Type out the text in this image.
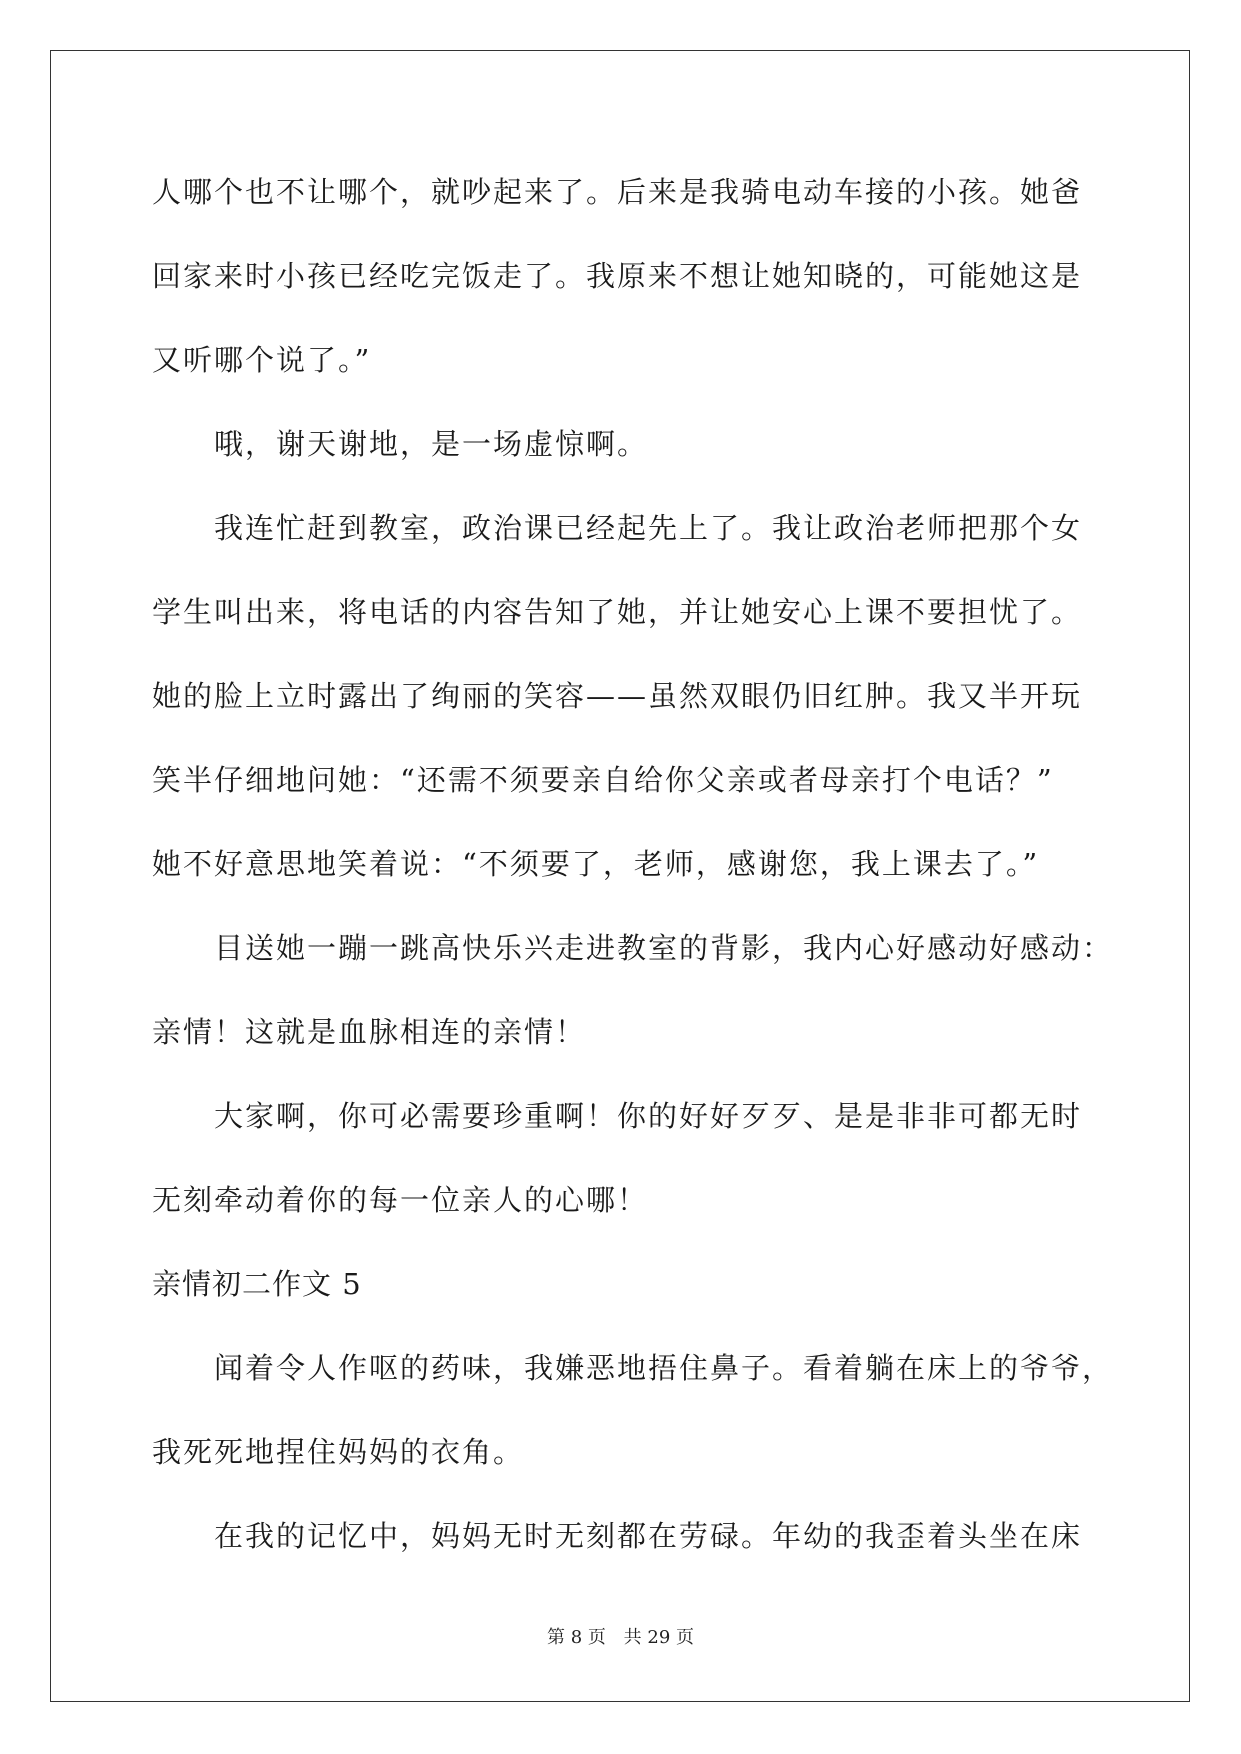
人哪个也不让哪个，就吵起来了。后来是我骑电动车接的小孩。她爸
回家来时小孩已经吃完饭走了。我原来不想让她知晓的，可能她这是
又听哪个说了。”
哦，谢天谢地，是一场虚惊啊。
我连忙赶到教室，政治课已经起先上了。我让政治老师把那个女
学生叫出来，将电话的内容告知了她，并让她安心上课不要担忧了。
她的脸上立时露出了绚丽的笑容——虽然双眼仍旧红肿。我又半开玩
笑半仔细地问她：“还需不须要亲自给你父亲或者母亲打个电话？”
她不好意思地笑着说：“不须要了，老师，感谢您，我上课去了。”
目送她一蹦一跳高快乐兴走进教室的背影，我内心好感动好感动：
亲情！这就是血脉相连的亲情！
大家啊，你可必需要珍重啊！你的好好歹歹、是是非非可都无时
无刻牵动着你的每一位亲人的心哪！
亲情初二作文 5
闻着令人作呕的药味，我嫌恶地捂住鼻子。看着躺在床上的爷爷，
我死死地捏住妈妈的衣角。
在我的记忆中，妈妈无时无刻都在劳碌。年幼的我歪着头坐在床
第 8 页 共 29 页
